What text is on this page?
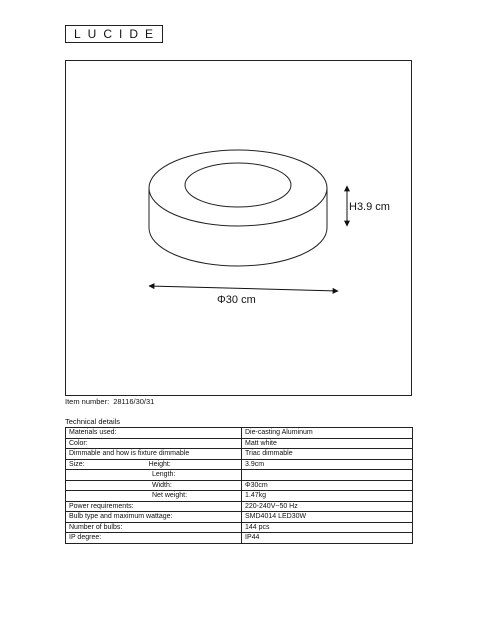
LUCIDE
H3.9 cm
Φ30 cm
Item number: 28116/30/31
Technical details
Materials used:	Die-casting Aluminum
Color:	Matt white
Dimmable and how is fixture dimmable	Triac dimmable
Size: Height:	3.9cm
Length:	
Width:	Φ30cm
Net weight:	1.47kg
Power requirements:	220-240V~50 Hz
Bulb type and maximum wattage:	SMD4014 LED30W
Number of bulbs:	144 pcs
IP degree:	IP44
